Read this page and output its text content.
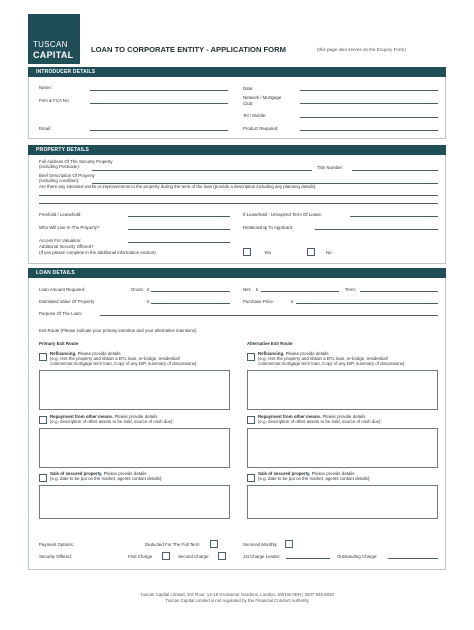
TUSCAN
CAPITAL
LOAN TO CORPORATE ENTITY - APPLICATION FORM	(this page also serves as the Enquiry Form)
INTRODUCER DETAILS
Name:	Date:
Firm & FCA No:
Network / Mortgage
Club:
Tel / Mobile:
Email:	Product Required:
PROPERTY DETAILS
Full Address Of The Security Property
(including Postcode):	Title Number:
Brief Description Of Property
(including condition):
Are there any intended works or improvements to the property during the term of the loan (provide a description including any planning details):
Freehold / Leasehold:	If Leasehold - Unexpired Term Of Lease:
Who Will Live In The Property?	Relationship To Applicant:
Access For Valuation:
Additional Security Offered?
(If yes please complete in the additional information section)	Yes	No
LOAN DETAILS
Loan Amount Required:	Gross: £	Net: £	Term:
Estimated Value Of Property	£	Purchase Price:	£
Purpose Of The Loan:
Exit Route (Please indicate your primary intention and your alternative intentions)
Primary Exit Route	Alternative Exit Route
Refinancing. Please provide details
(e.g. rent the property and obtain a BTL loan, re-bridge, residential/
commercial mortgage term loan. Copy of any DIP, summary of discussions):
Refinancing. Please provide details
(e.g. rent the property and obtain a BTL loan, re-bridge, residential/
commercial mortgage term loan. Copy of any DIP, summary of discussions):
Repayment from other means. Please provide details
(e.g. description of other assets to be sold, source of cash due):
Repayment from other means. Please provide details
(e.g. description of other assets to be sold, source of cash due):
Sale of secured property. Please provide details
(e.g. date to be put on the market, agents contact details):
Sale of secured property. Please provide details
(e.g. date to be put on the market, agents contact details):
Payment Options:	Deducted For The Full Term	Serviced Monthly
Security Offered:	First Charge	Second Charge	1st Charge Lender:	Outstanding Charge:
Tuscan Capital Limited, 3rd Floor, 12-18 Grosvenor Gardens, London, SW1W 0DH | 0207 846 8030
Tuscan Capital Limited is not regulated by the Financial Conduct Authority
